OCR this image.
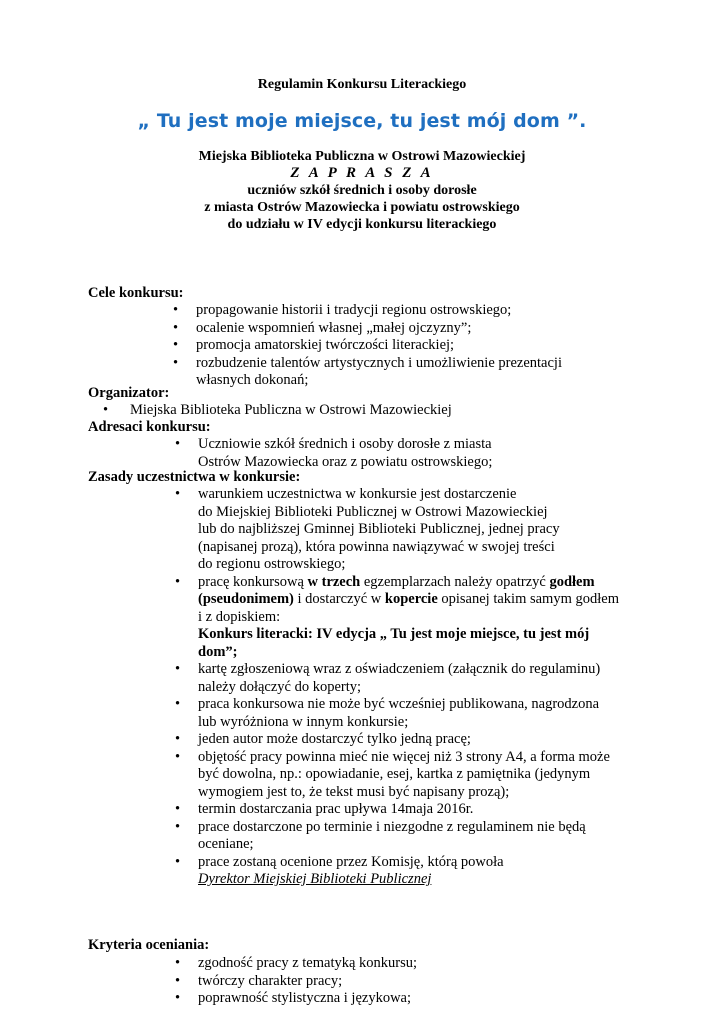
Regulamin Konkursu Literackiego
„ Tu jest moje miejsce, tu jest mój dom ”.
Miejska Biblioteka Publiczna w Ostrowi Mazowieckiej
Z A P R A S Z A
uczniów szkół średnich i osoby dorosłe
z miasta Ostrów Mazowiecka i powiatu ostrowskiego
do udziału w IV edycji konkursu literackiego
Cele konkursu:
• propagowanie historii i tradycji regionu ostrowskiego;
• ocalenie wspomnień własnej „małej ojczyzny”;
• promocja amatorskiej twórczości literackiej;
• rozbudzenie talentów artystycznych i umożliwienie prezentacji
własnych dokonań;
Organizator:
• Miejska Biblioteka Publiczna w Ostrowi Mazowieckiej
Adresaci konkursu:
• Uczniowie szkół średnich i osoby dorosłe z miasta
Ostrów Mazowiecka oraz z powiatu ostrowskiego;
Zasady uczestnictwa w konkursie:
• warunkiem uczestnictwa w konkursie jest dostarczenie
do Miejskiej Biblioteki Publicznej w Ostrowi Mazowieckiej
lub do najbliższej Gminnej Biblioteki Publicznej, jednej pracy
(napisanej prozą), która powinna nawiązywać w swojej treści
do regionu ostrowskiego;
• pracę konkursową w trzech egzemplarzach należy opatrzyć godłem
(pseudonimem) i dostarczyć w kopercie opisanej takim samym godłem
i z dopiskiem:
Konkurs literacki: IV edycja „ Tu jest moje miejsce, tu jest mój
dom”;
• kartę zgłoszeniową wraz z oświadczeniem (załącznik do regulaminu)
należy dołączyć do koperty;
• praca konkursowa nie może być wcześniej publikowana, nagrodzona
lub wyróżniona w innym konkursie;
• jeden autor może dostarczyć tylko jedną pracę;
• objętość pracy powinna mieć nie więcej niż 3 strony A4, a forma może
być dowolna, np.: opowiadanie, esej, kartka z pamiętnika (jedynym
wymogiem jest to, że tekst musi być napisany prozą);
• termin dostarczania prac upływa 14maja 2016r.
• prace dostarczone po terminie i niezgodne z regulaminem nie będą
oceniane;
• prace zostaną ocenione przez Komisję, którą powoła
Dyrektor Miejskiej Biblioteki Publicznej
Kryteria oceniania:
• zgodność pracy z tematyką konkursu;
• twórczy charakter pracy;
• poprawność stylistyczna i językowa;
